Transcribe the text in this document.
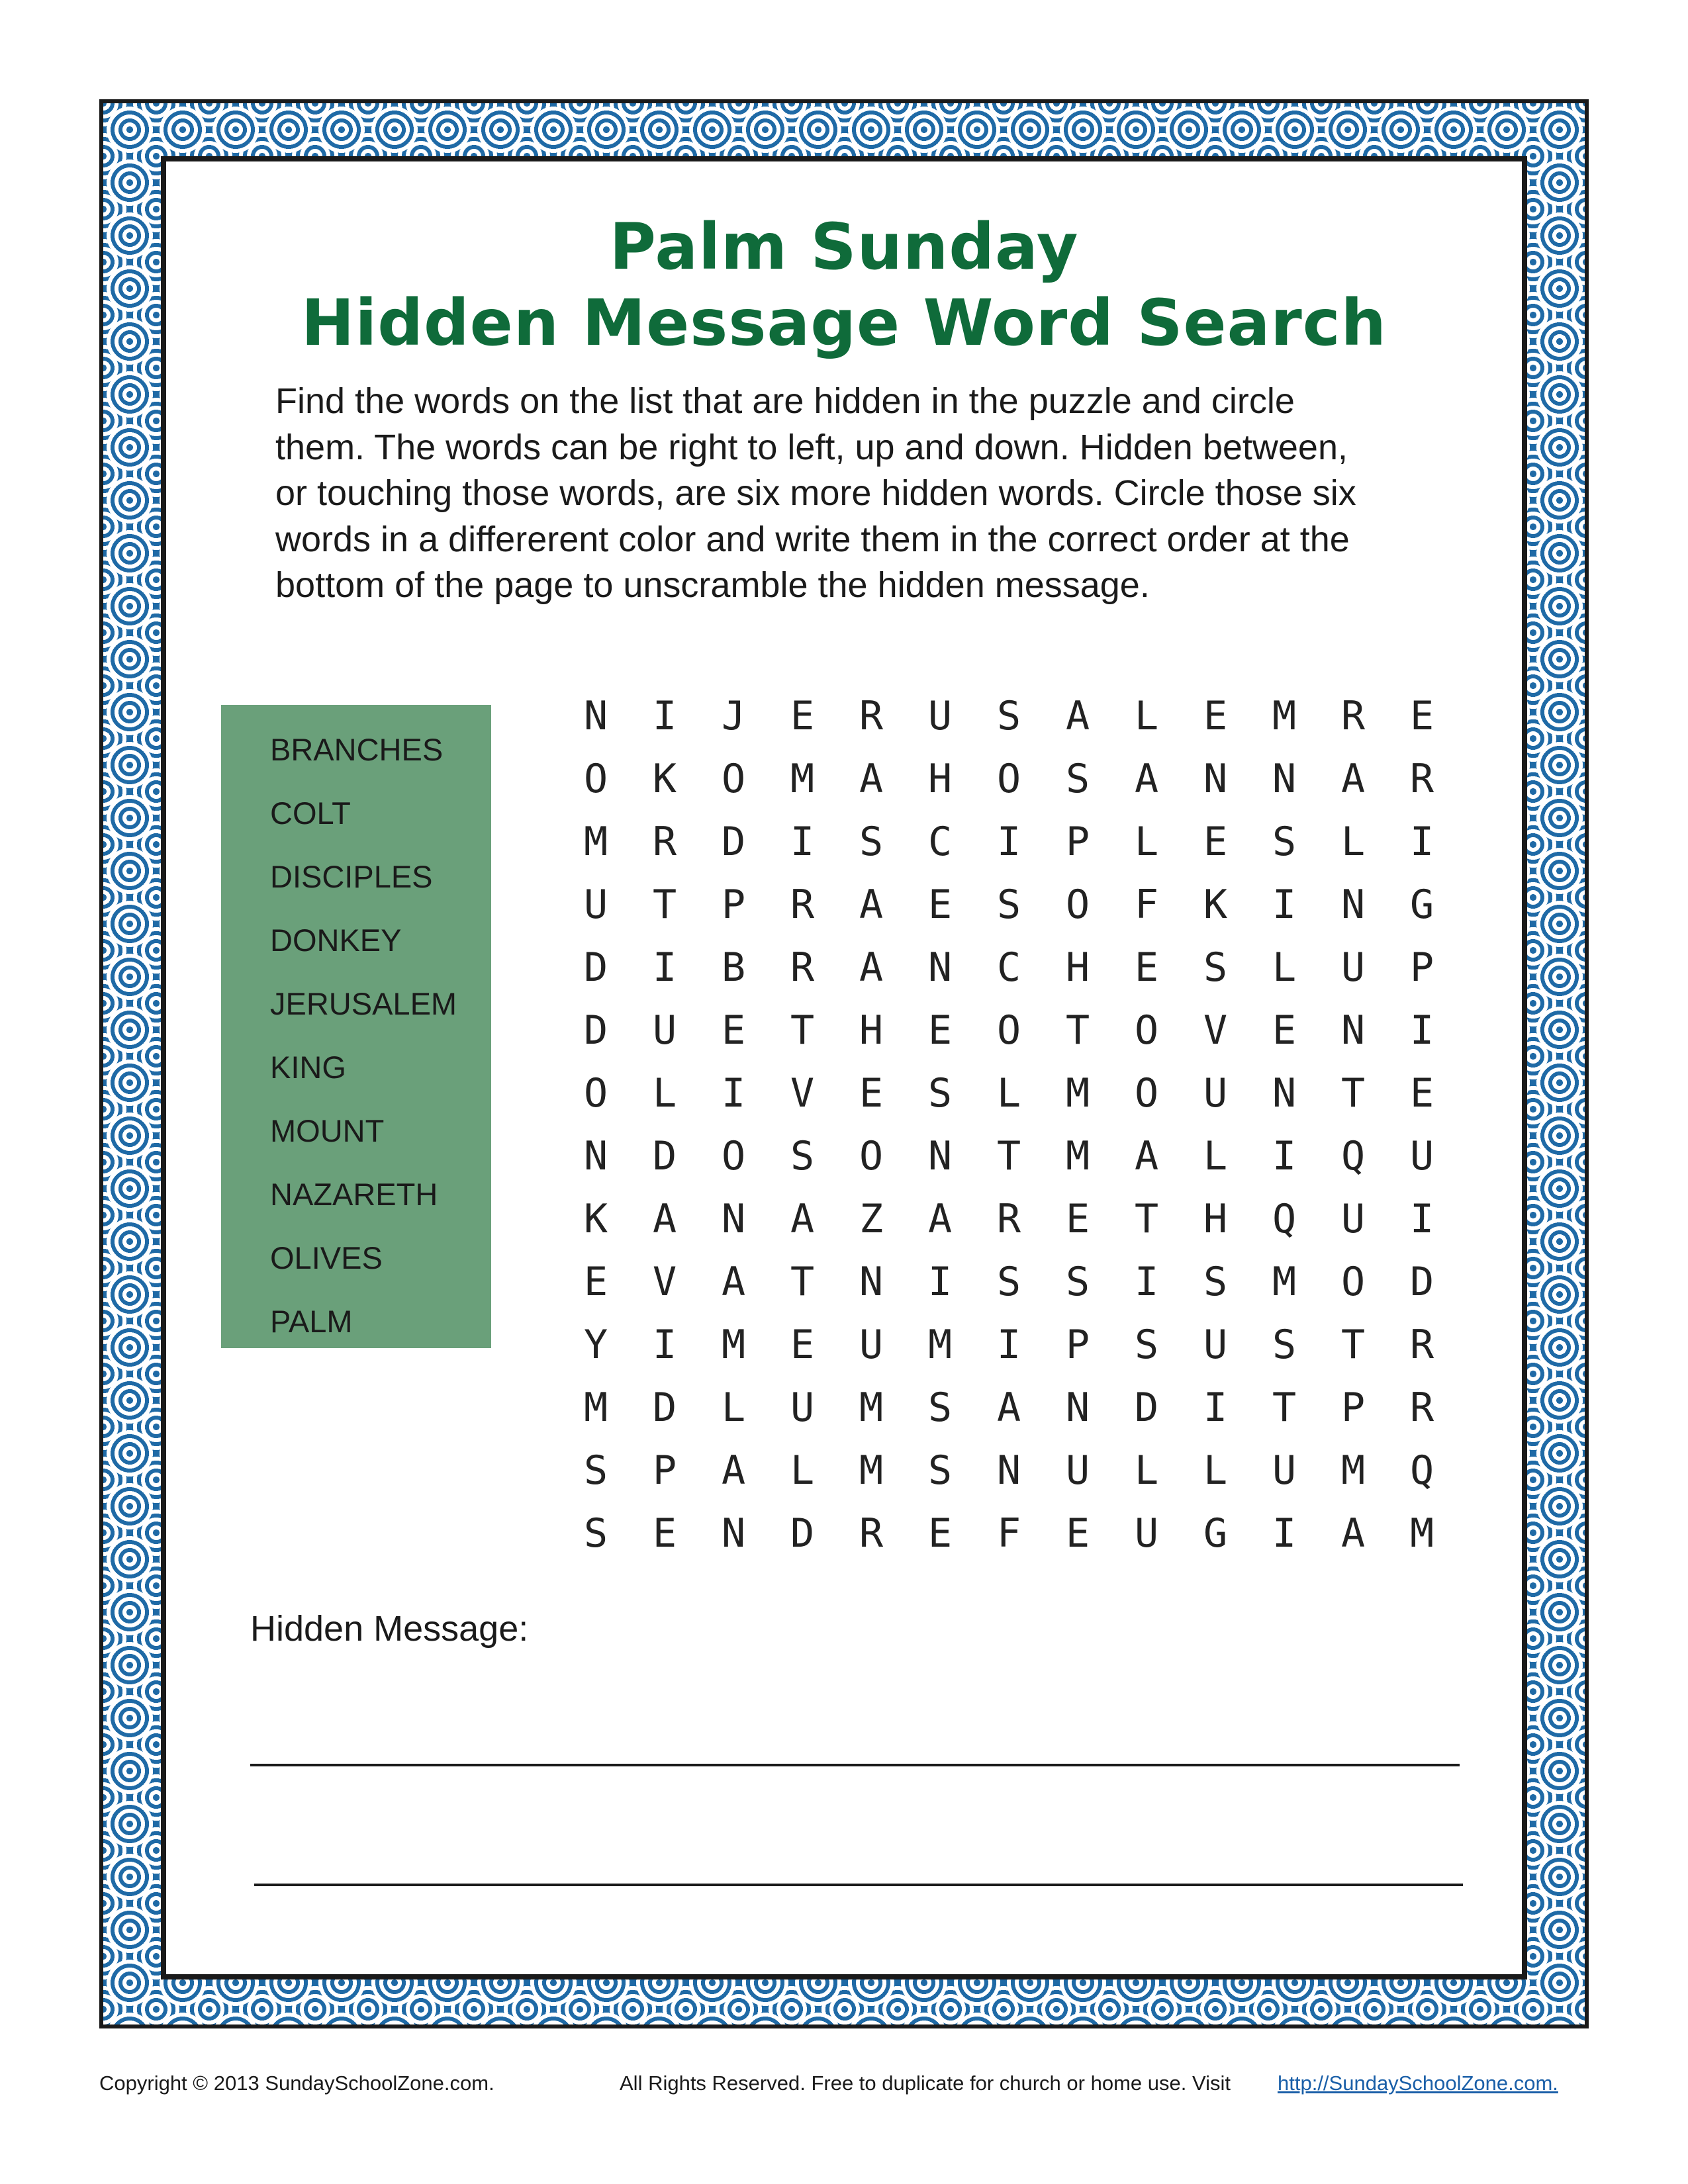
Palm Sunday
Hidden Message Word Search
Find the words on the list that are hidden in the puzzle and circle
them. The words can be right to left, up and down. Hidden between,
or touching those words, are six more hidden words. Circle those six
words in a differerent color and write them in the correct order at the
bottom of the page to unscramble the hidden message.
BRANCHES
COLT
DISCIPLES
DONKEY
JERUSALEM
KING
MOUNT
NAZARETH
OLIVES
PALM
N	I	J	E	R	U	S	A	L	E	M	R	E
O	K	O	M	A	H	O	S	A	N	N	A	R
M	R	D	I	S	C	I	P	L	E	S	L	I
U	T	P	R	A	E	S	O	F	K	I	N	G
D	I	B	R	A	N	C	H	E	S	L	U	P
D	U	E	T	H	E	O	T	O	V	E	N	I
O	L	I	V	E	S	L	M	O	U	N	T	E
N	D	O	S	O	N	T	M	A	L	I	Q	U
K	A	N	A	Z	A	R	E	T	H	Q	U	I
E	V	A	T	N	I	S	S	I	S	M	O	D
Y	I	M	E	U	M	I	P	S	U	S	T	R
M	D	L	U	M	S	A	N	D	I	T	P	R
S	P	A	L	M	S	N	U	L	L	U	M	Q
S	E	N	D	R	E	F	E	U	G	I	A	M
Hidden Message:
Copyright © 2013 SundaySchoolZone.com.	All Rights Reserved. Free to duplicate for church or home use. Visit http://SundaySchoolZone.com.
